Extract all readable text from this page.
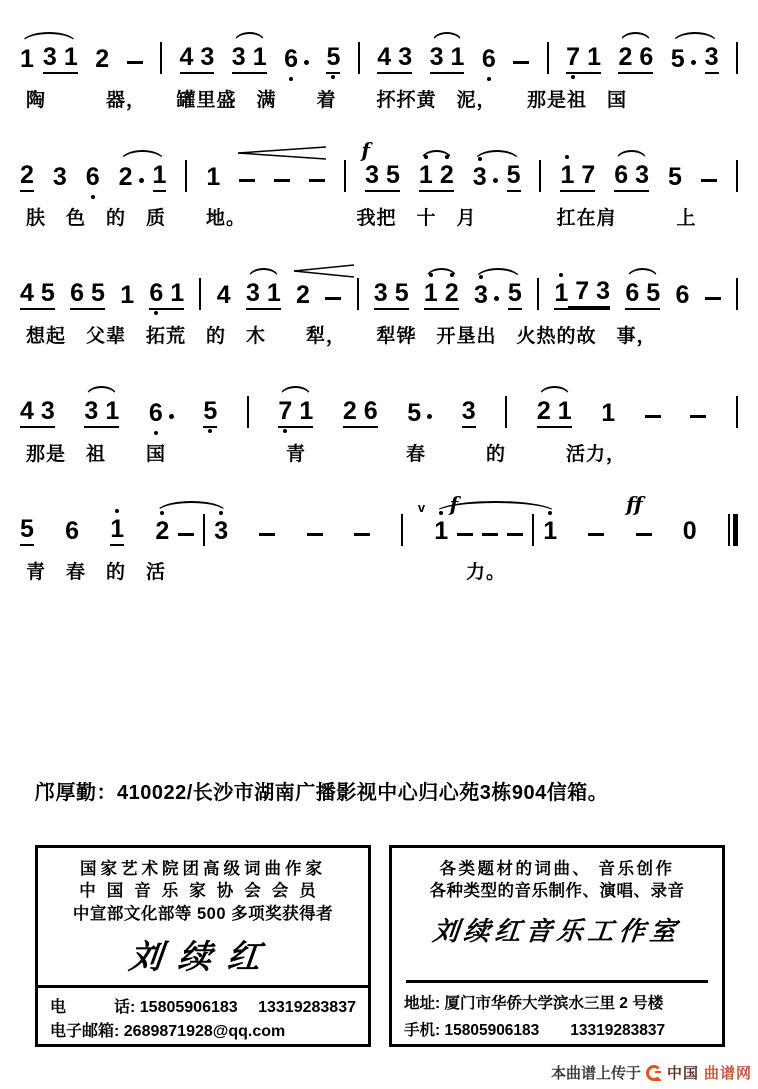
1 3 1 2	4 3 3 1 6 5 4 3 3 1 6	7 1 2 6 5 3
陶　　　器，　　罐里盛　满　　着　　抔抔黄　泥，　　那是祖　国
f
2 3 6 2 1 1	3 5 1 2 3 5 1 7 6 3 5
肤　色　的　质　　地。　　　　　　我把　十　月　　　　扛在肩　　　上
4 5 6 5 1 6 1 4 3 1 2	3 5 1 2 3 5 1 7 3 6 5 6
想起　父辈　拓荒　的　木　　犁，　　犁铧　开垦出　火热的故　事，
4 3 3 1 6 5 7 1 2 6 5 3 2 1 1
那是　祖　　国　　　　　　青　　　　　春　　　的　　　活力，
v f	ff
5 6 1 2 3	1	1	0
青　春　的　活　　　　　　　　　　　　　　　力。
邝厚勤：410022/长沙市湖南广播影视中心归心苑3栋904信箱。
国家艺术院团高级词曲作家
中国音乐家协会会员
中宣部文化部等 500 多项奖获得者
刘续红
电　　　话: 15805906183　 13319283837
电子邮箱: 2689871928@qq.com
各类题材的词曲、 音乐创作
各种类型的音乐制作、演唱、录音
刘续红音乐工作室
地址: 厦门市华侨大学滨水三里 2 号楼
手机: 15805906183　　13319283837
本曲谱上传于 中国 曲谱网
